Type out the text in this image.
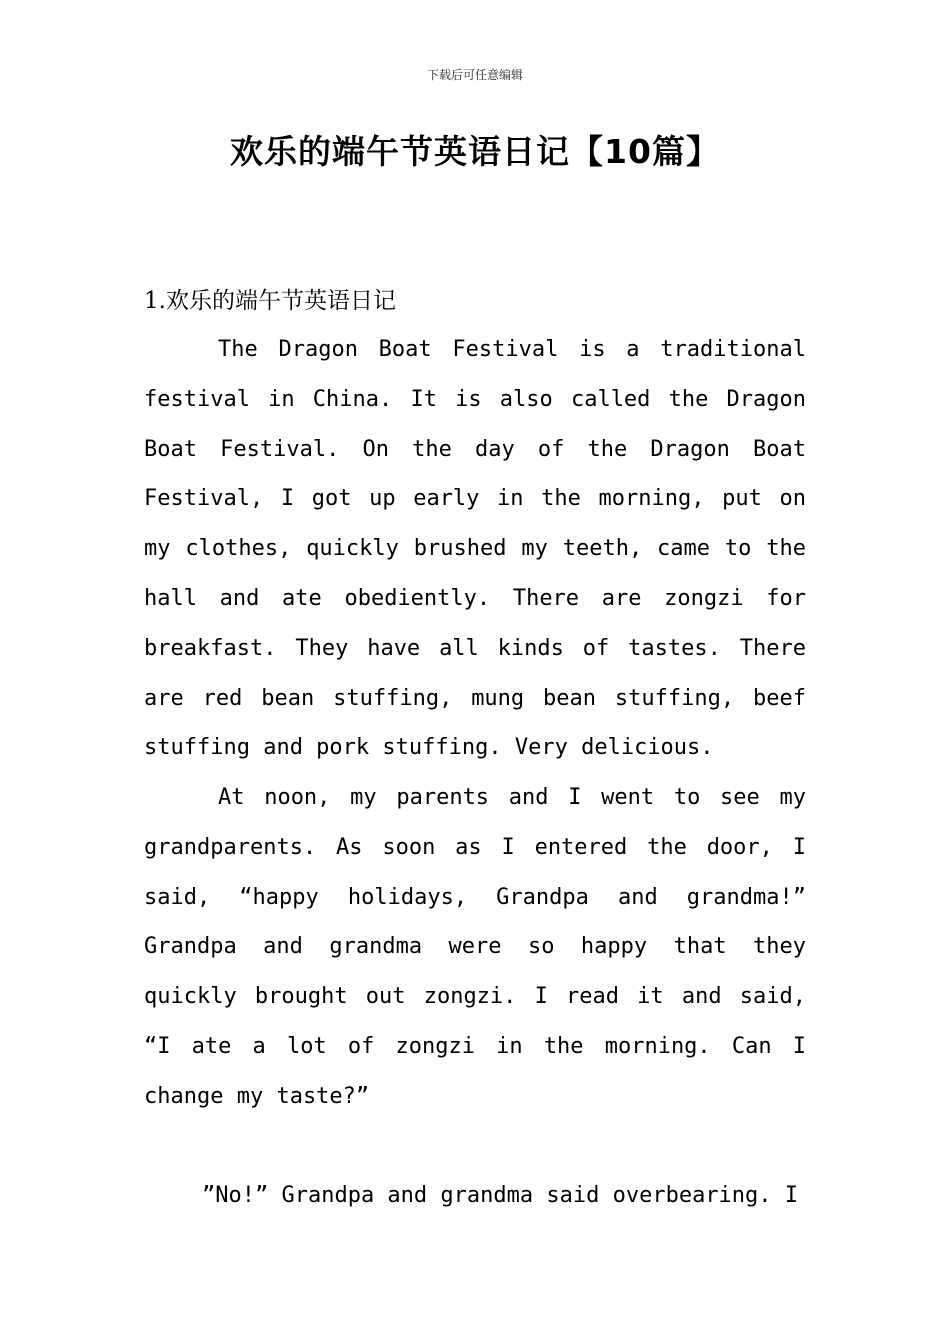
下载后可任意编辑
欢乐的端午节英语日记【10篇】
1.欢乐的端午节英语日记

The Dragon Boat Festival is a traditional festival in China. It is also called the Dragon Boat Festival. On the day of the Dragon Boat Festival, I got up early in the morning, put on my clothes, quickly brushed my teeth, came to the hall and ate obediently. There are zongzi for breakfast. They have all kinds of tastes. There are red bean stuffing, mung bean stuffing, beef stuffing and pork stuffing. Very delicious.

At noon, my parents and I went to see my grandparents. As soon as I entered the door, I said, “happy holidays, Grandpa and grandma!” Grandpa and grandma were so happy that they quickly brought out zongzi. I read it and said, “I ate a lot of zongzi in the morning. Can I change my taste?”

”No!” Grandpa and grandma said overbearing. I
